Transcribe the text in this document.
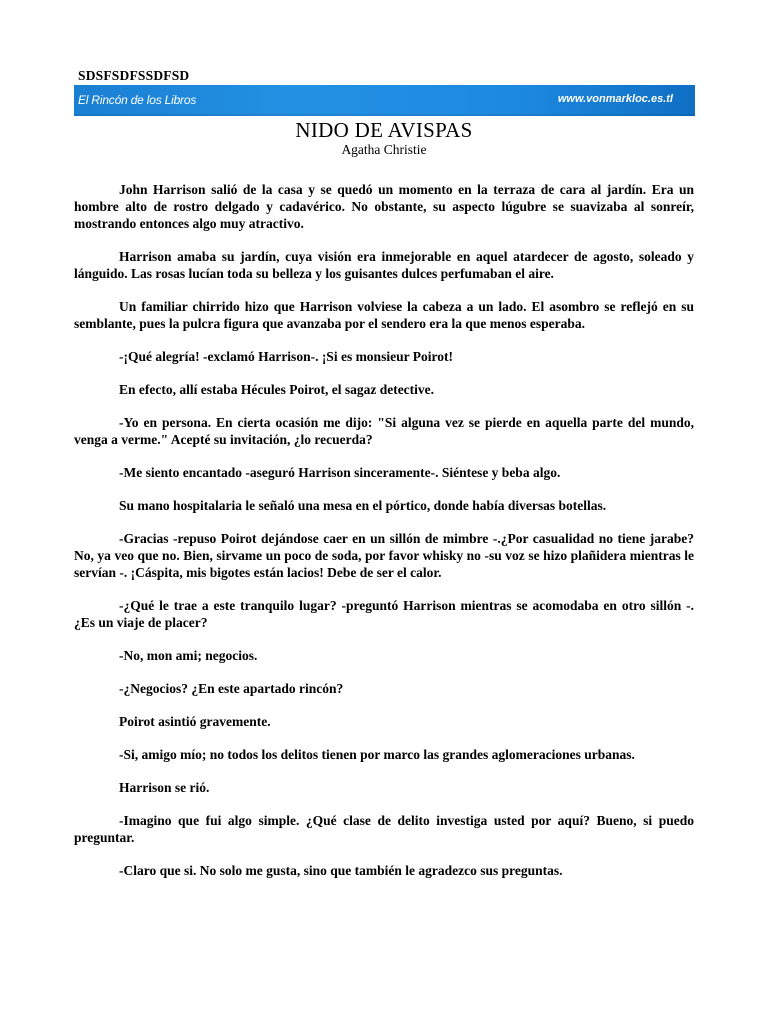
SDSFSDFSSDFSD
El Rincón de los Libros	www.vonmarkloc.es.tl
NIDO DE AVISPAS
Agatha Christie

John Harrison salió de la casa y se quedó un momento en la terraza de cara al jardín. Era un hombre alto de rostro delgado y cadavérico. No obstante, su aspecto lúgubre se suavizaba al sonreír, mostrando entonces algo muy atractivo.

Harrison amaba su jardín, cuya visión era inmejorable en aquel atardecer de agosto, soleado y lánguido. Las rosas lucían toda su belleza y los guisantes dulces perfumaban el aire.

Un familiar chirrido hizo que Harrison volviese la cabeza a un lado. El asombro se reflejó en su semblante, pues la pulcra figura que avanzaba por el sendero era la que menos esperaba.

-¡Qué alegría! -exclamó Harrison-. ¡Si es monsieur Poirot!

En efecto, allí estaba Hécules Poirot, el sagaz detective.

-Yo en persona. En cierta ocasión me dijo: "Si alguna vez se pierde en aquella parte del mundo, venga a verme." Acepté su invitación, ¿lo recuerda?

-Me siento encantado -aseguró Harrison sinceramente-. Siéntese y beba algo.

Su mano hospitalaria le señaló una mesa en el pórtico, donde había diversas botellas.

-Gracias -repuso Poirot dejándose caer en un sillón de mimbre -.¿Por casualidad no tiene jarabe? No, ya veo que no. Bien, sirvame un poco de soda, por favor whisky no -su voz se hizo plañidera mientras le servían -. ¡Cáspita, mis bigotes están lacios! Debe de ser el calor.

-¿Qué le trae a este tranquilo lugar? -preguntó Harrison mientras se acomodaba en otro sillón -. ¿Es un viaje de placer?

-No, mon ami; negocios.

-¿Negocios? ¿En este apartado rincón?

Poirot asintió gravemente.

-Si, amigo mío; no todos los delitos tienen por marco las grandes aglomeraciones urbanas.

Harrison se rió.

-Imagino que fui algo simple. ¿Qué clase de delito investiga usted por aquí? Bueno, si puedo preguntar.

-Claro que si. No solo me gusta, sino que también le agradezco sus preguntas.
